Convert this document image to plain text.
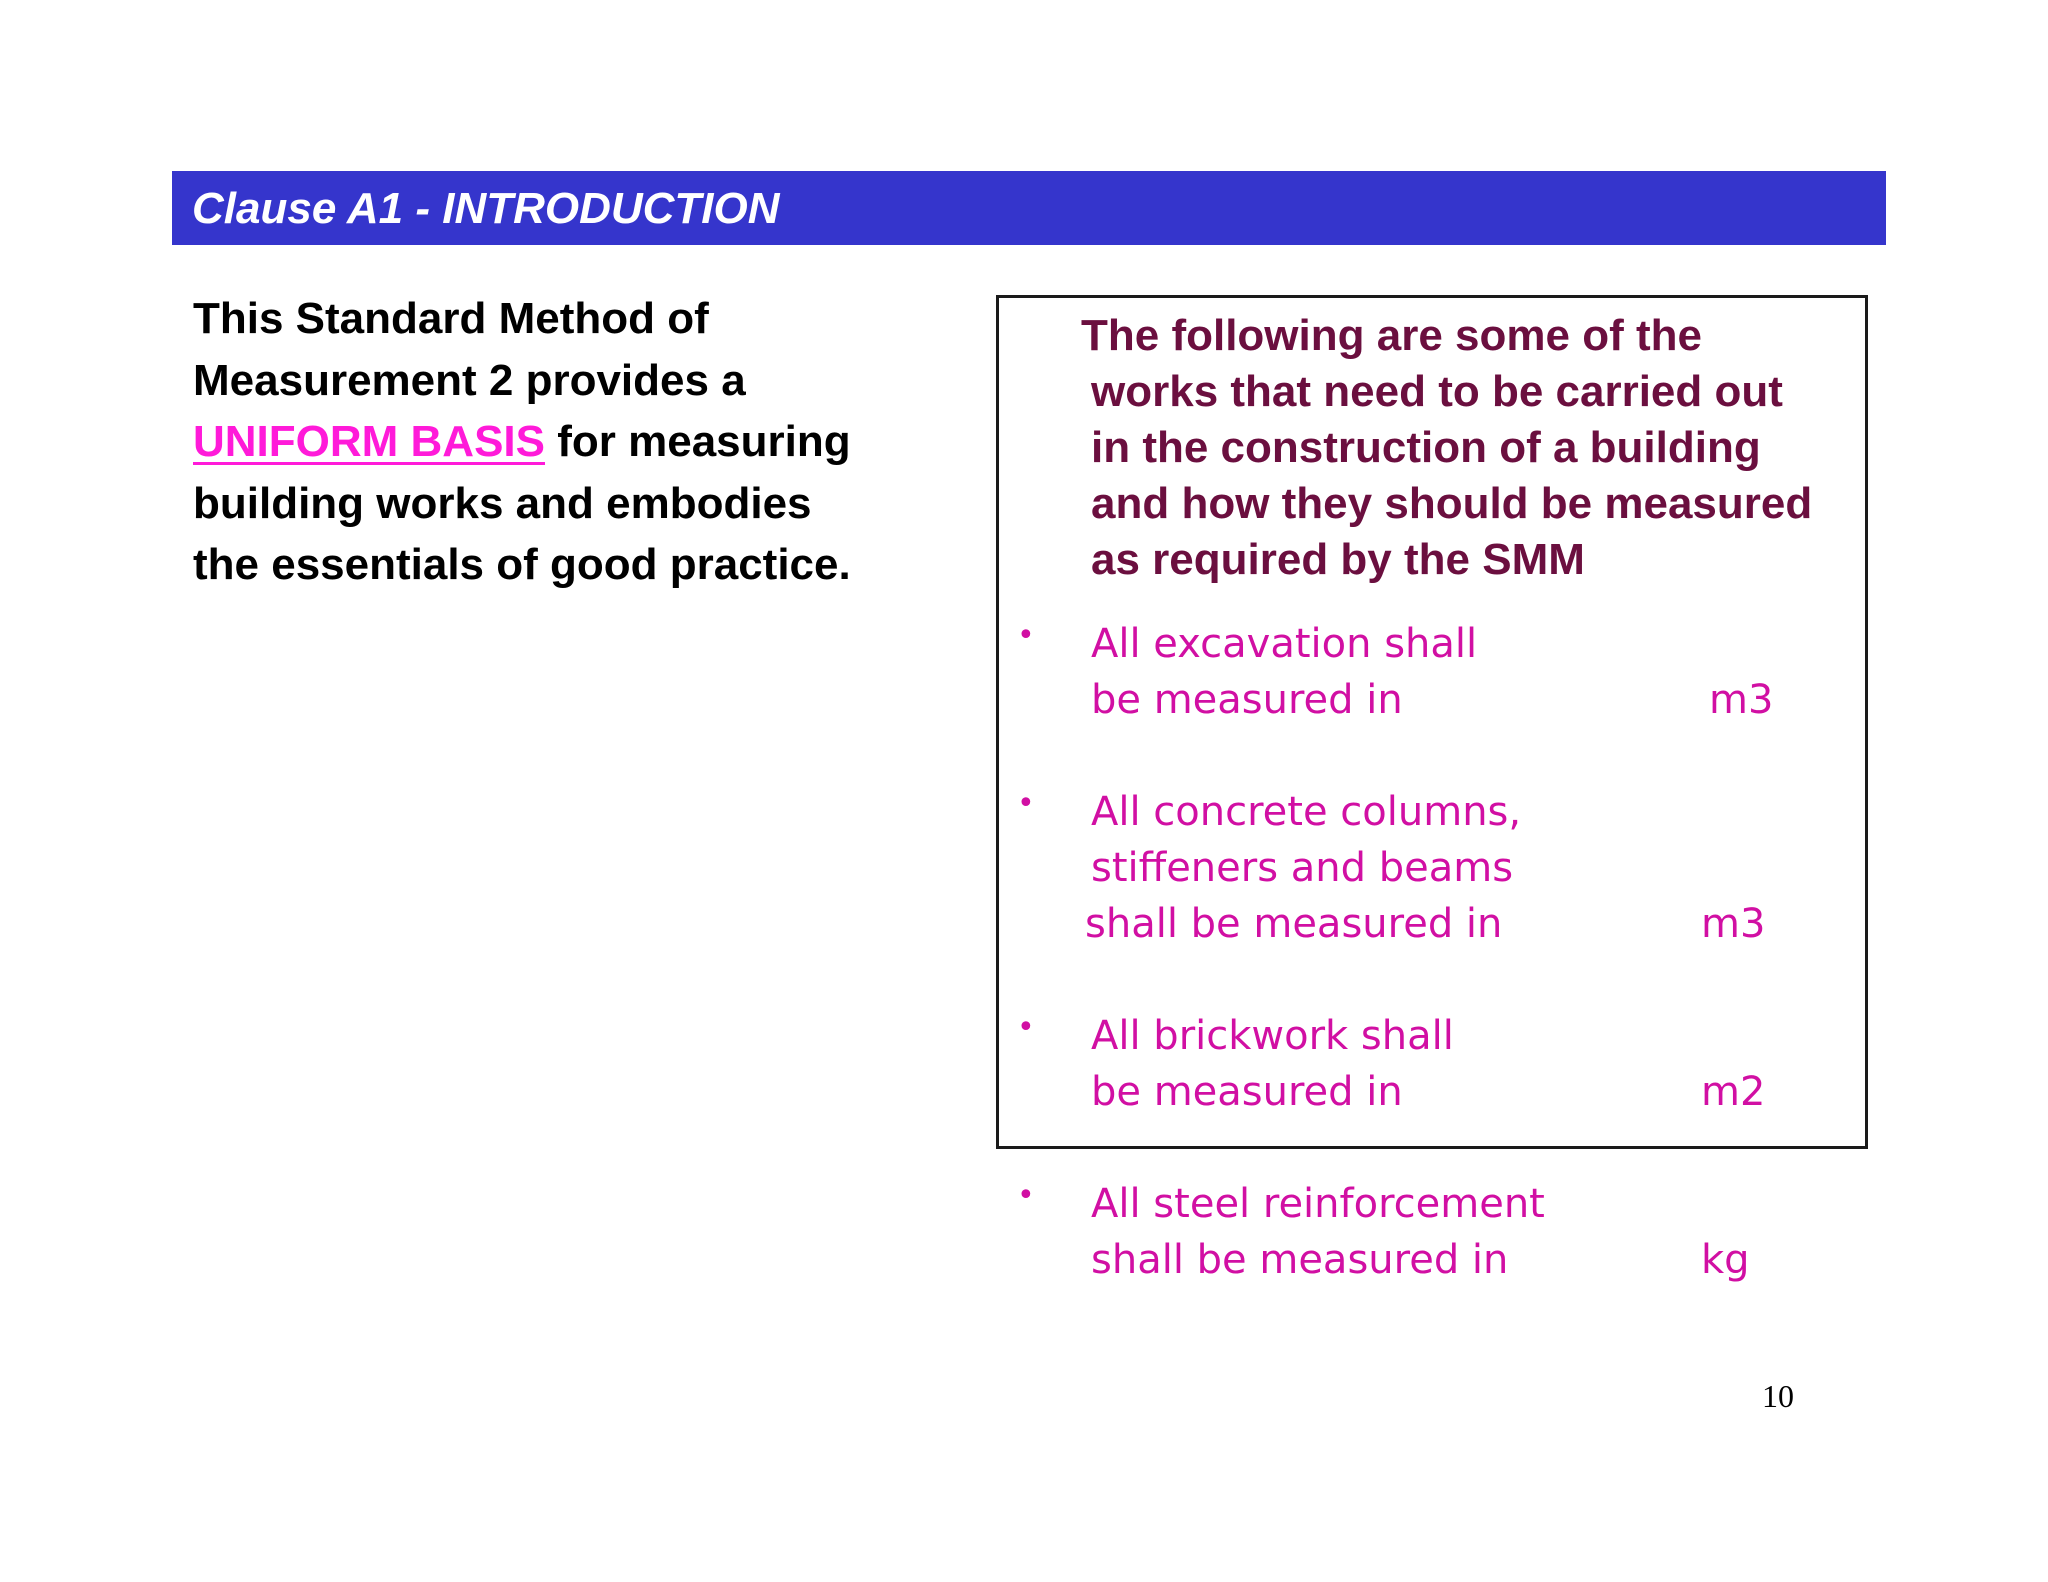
Clause A1 - INTRODUCTION
This Standard Method of
Measurement 2 provides a
UNIFORM BASIS for measuring
building works and embodies
the essentials of good practice.
The following are some of the
works that need to be carried out
in the construction of a building
and how they should be measured
as required by the SMM
• All excavation shall
be measured in	m3
• All concrete columns,
stiffeners and beams
shall be measured in	m3
• All brickwork shall
be measured in	m2
• All steel reinforcement
shall be measured in	kg
10
